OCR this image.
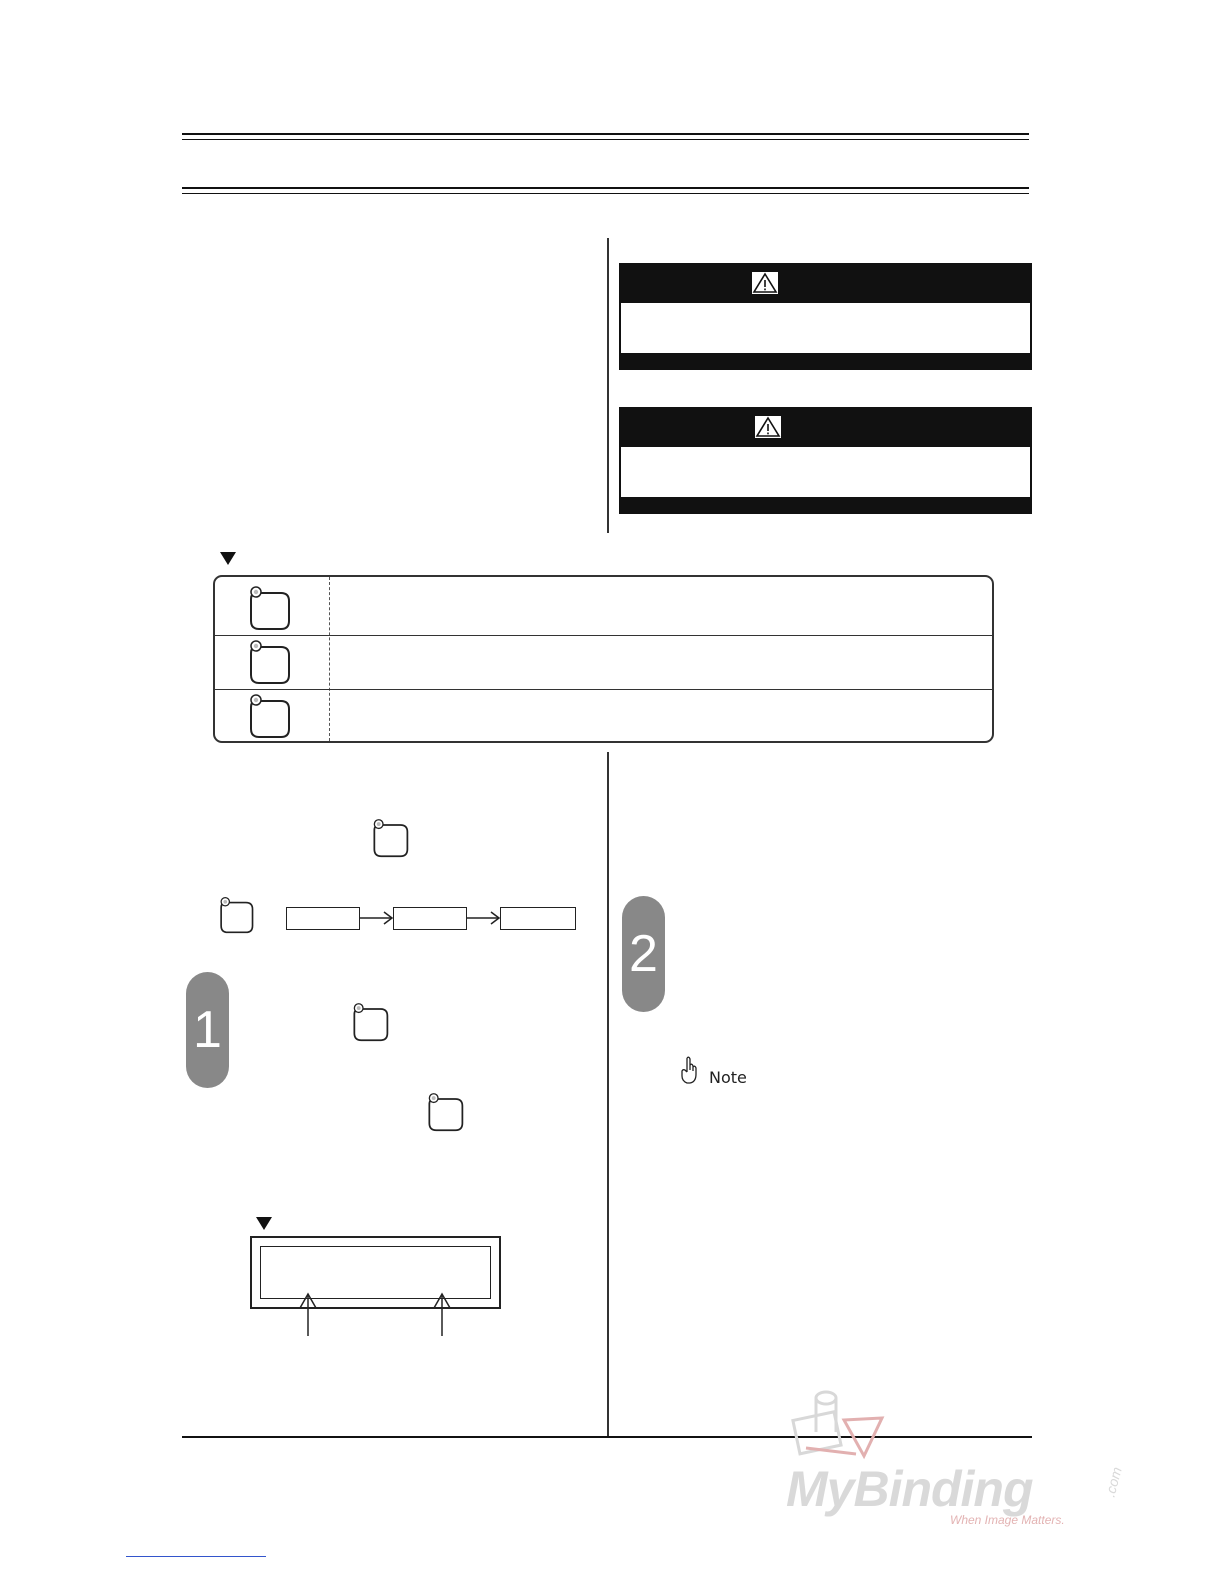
1
2
Note
MyBinding	.com
When Image Matters.
